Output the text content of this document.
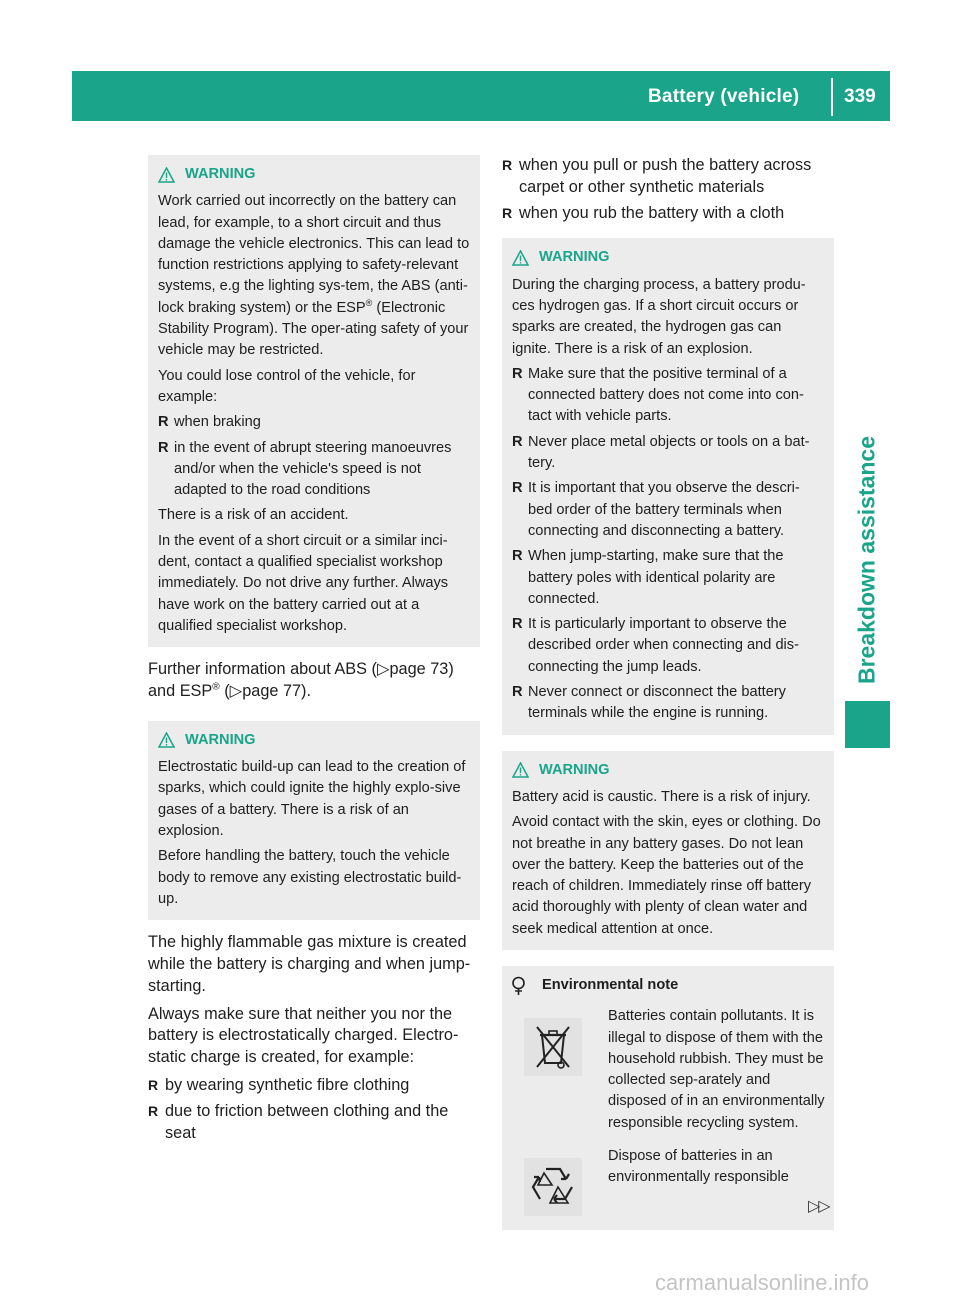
Battery (vehicle) 339
Breakdown assistance
WARNING

Work carried out incorrectly on the battery can lead, for example, to a short circuit and thus damage the vehicle electronics. This can lead to function restrictions applying to safety-relevant systems, e.g the lighting sys-tem, the ABS (anti-lock braking system) or the ESP® (Electronic Stability Program). The oper-ating safety of your vehicle may be restricted.

You could lose control of the vehicle, for example:

R when braking
R in the event of abrupt steering manoeuvres and/or when the vehicle's speed is not adapted to the road conditions

There is a risk of an accident.

In the event of a short circuit or a similar inci-dent, contact a qualified specialist workshop immediately. Do not drive any further. Always have work on the battery carried out at a qualified specialist workshop.

Further information about ABS (▷page 73)
and ESP® (▷page 77).

WARNING

Electrostatic build-up can lead to the creation of sparks, which could ignite the highly explo-sive gases of a battery. There is a risk of an explosion.

Before handling the battery, touch the vehicle body to remove any existing electrostatic build-up.

The highly flammable gas mixture is created while the battery is charging and when jump-starting.

Always make sure that neither you nor the battery is electrostatically charged. Electro-static charge is created, for example:

R by wearing synthetic fibre clothing
R due to friction between clothing and the seat
R when you pull or push the battery across carpet or other synthetic materials
R when you rub the battery with a cloth
WARNING

During the charging process, a battery produ-ces hydrogen gas. If a short circuit occurs or sparks are created, the hydrogen gas can ignite. There is a risk of an explosion.

R Make sure that the positive terminal of a connected battery does not come into con-tact with vehicle parts.
R Never place metal objects or tools on a bat-tery.
R It is important that you observe the descri-bed order of the battery terminals when connecting and disconnecting a battery.
R When jump-starting, make sure that the battery poles with identical polarity are connected.
R It is particularly important to observe the described order when connecting and dis-connecting the jump leads.
R Never connect or disconnect the battery terminals while the engine is running.
WARNING

Battery acid is caustic. There is a risk of injury.

Avoid contact with the skin, eyes or clothing. Do not breathe in any battery gases. Do not lean over the battery. Keep the batteries out of the reach of children. Immediately rinse off battery acid thoroughly with plenty of clean water and seek medical attention at once.

Environmental note
Batteries contain pollutants. It is illegal to dispose of them with the household rubbish. They must be collected sep-arately and disposed of in an environmentally responsible recycling system.
Dispose of batteries in an environmentally responsible
▷▷
carmanualsonline.info
